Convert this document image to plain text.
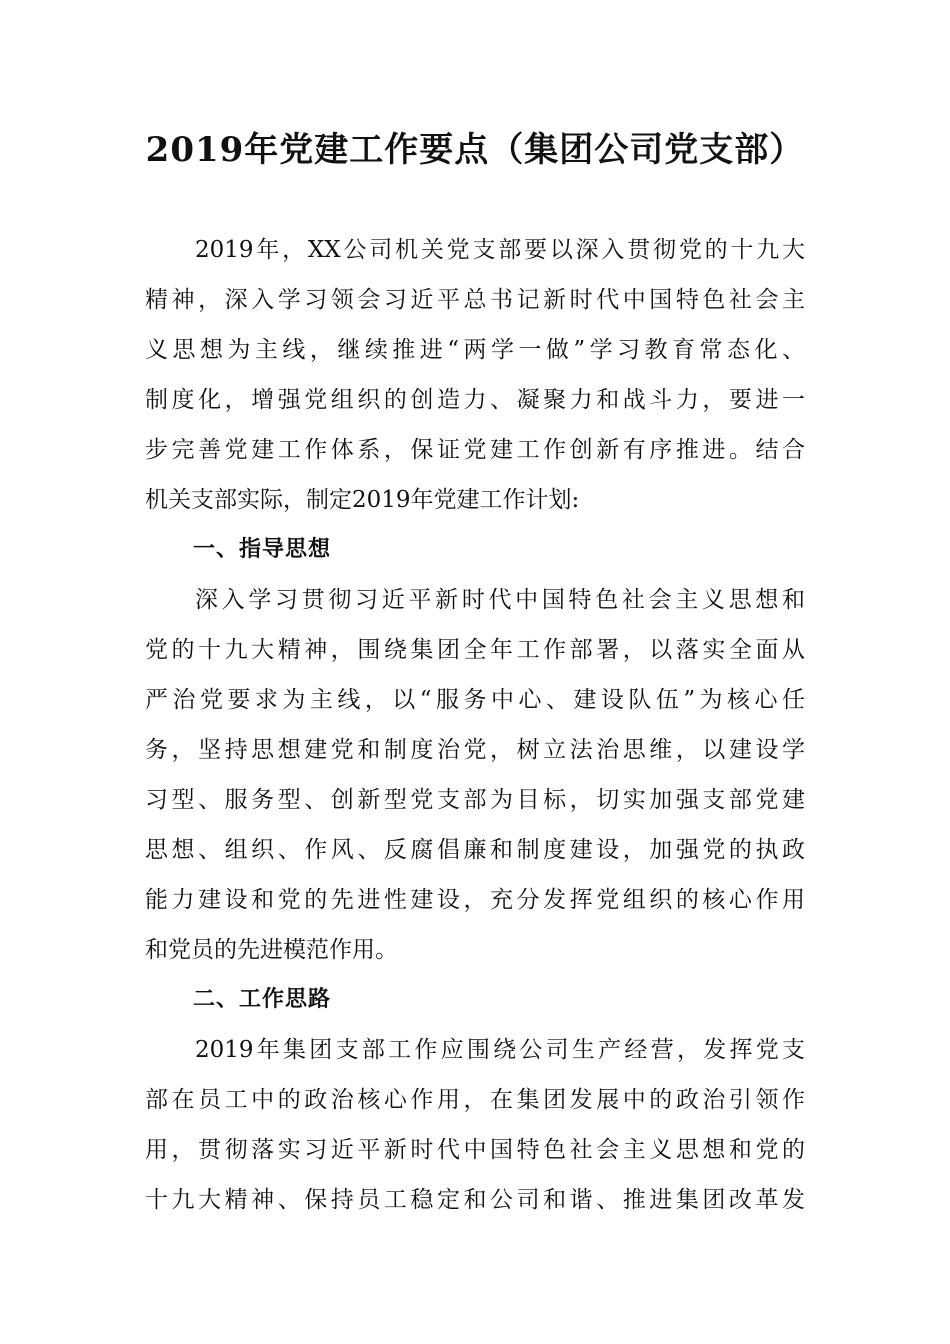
2019年党建工作要点（集团公司党支部）
2019年，XX公司机关党支部要以深入贯彻党的十九大
精神，深入学习领会习近平总书记新时代中国特色社会主
义思想为主线，继续推进“两学一做”学习教育常态化、
制度化，增强党组织的创造力、凝聚力和战斗力，要进一
步完善党建工作体系，保证党建工作创新有序推进。结合
机关支部实际，制定2019年党建工作计划:
一、指导思想
深入学习贯彻习近平新时代中国特色社会主义思想和
党的十九大精神，围绕集团全年工作部署，以落实全面从
严治党要求为主线，以“服务中心、建设队伍”为核心任
务，坚持思想建党和制度治党，树立法治思维，以建设学
习型、服务型、创新型党支部为目标，切实加强支部党建
思想、组织、作风、反腐倡廉和制度建设，加强党的执政
能力建设和党的先进性建设，充分发挥党组织的核心作用
和党员的先进模范作用。
二、工作思路
2019年集团支部工作应围绕公司生产经营，发挥党支
部在员工中的政治核心作用，在集团发展中的政治引领作
用，贯彻落实习近平新时代中国特色社会主义思想和党的
十九大精神、保持员工稳定和公司和谐、推进集团改革发
